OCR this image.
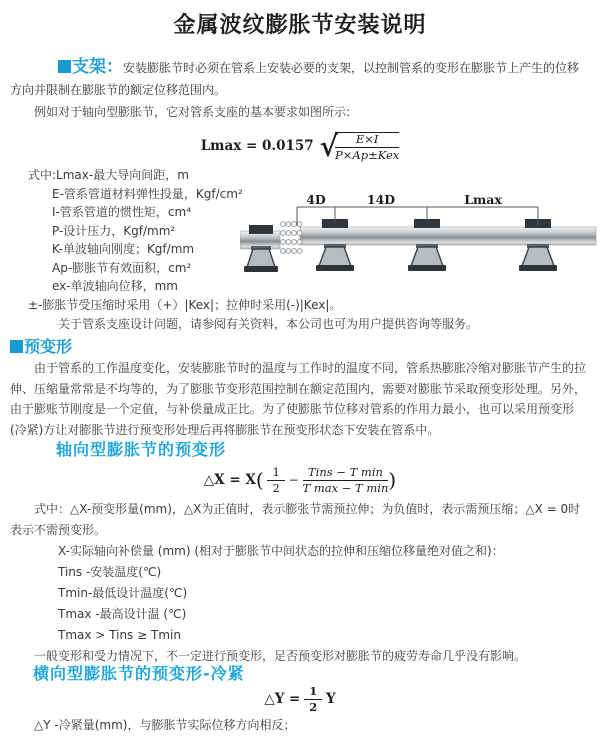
金属波纹膨胀节安装说明

支架：安装膨胀节时必须在管系上安装必要的支架，以控制管系的变形在膨胀节上产生的位移方向并限制在膨胀节的额定位移范围内。

例如对于轴向型膨胀节，它对管系支座的基本要求如图所示:

Lmax = 0.0157 √	E×I
P×Ap±Kex
式中:Lmax-最大导向间距，m
E-管系管道材料弹性投量，Kgf/cm²
I-管系管道的惯性矩，cm⁴
P-设计压力，Kgf/mm²
K-单波轴向刚度；Kgf/mm
Ap-膨胀节有效面积，cm²
ex-单波轴向位移，mm
±-膨胀节受压缩时采用（+）|Kex|；拉伸时采用(-)|Kex|。

关于管系支座设计问题，请参阅有关资料，本公司也可为用户提供咨询等服务。

预变形

由于管系的工作温度变化，安装膨胀节时的温度与工作时的温度不同，管系热膨胀冷缩对膨胀节产生的拉伸、压缩量常常是不均等的，为了膨胀节变形范围控制在额定范围内，需要对膨胀节采取预变形处理。另外，由于膨账节刚度是一个定值，与补偿量成正比。为了使膨胀节位移对管系的作用力最小，也可以采用预变形(冷紧)方让对膨胀节进行预变形处理后再将膨胀节在预变形状态下安装在管系中。

轴向型膨胀节的预变形
△X = $X( \frac{1}{2}$ −
Tins − T min
T max − T min )

式中：△X-预变形量(mm)，△X为正值时，表示膨张节需预拉伸；为负值时，表示需预压缩；△X = 0时表示不需预变形。

X-实际轴向补偿量 (mm) (相对于膨胀节中间状态的拉伸和压缩位移量绝对值之和)：
Tins -安装温度(℃)
Tmin-最低设计温度(℃)
Tmax -最高设计温 (℃)
Tmax > Tins ≥ Tmin
一般变形和受力情况下，不一定进行预变形，足否预变形对膨胀节的疲劳寿命几乎没有影响。
横向型膨胀节的预变形-冷紧
△Y = $\frac{1}{2}$ Y
△Y -冷紧量(mm)，与膨胀节实际位移方向相反；
4D	14D	Lmax
